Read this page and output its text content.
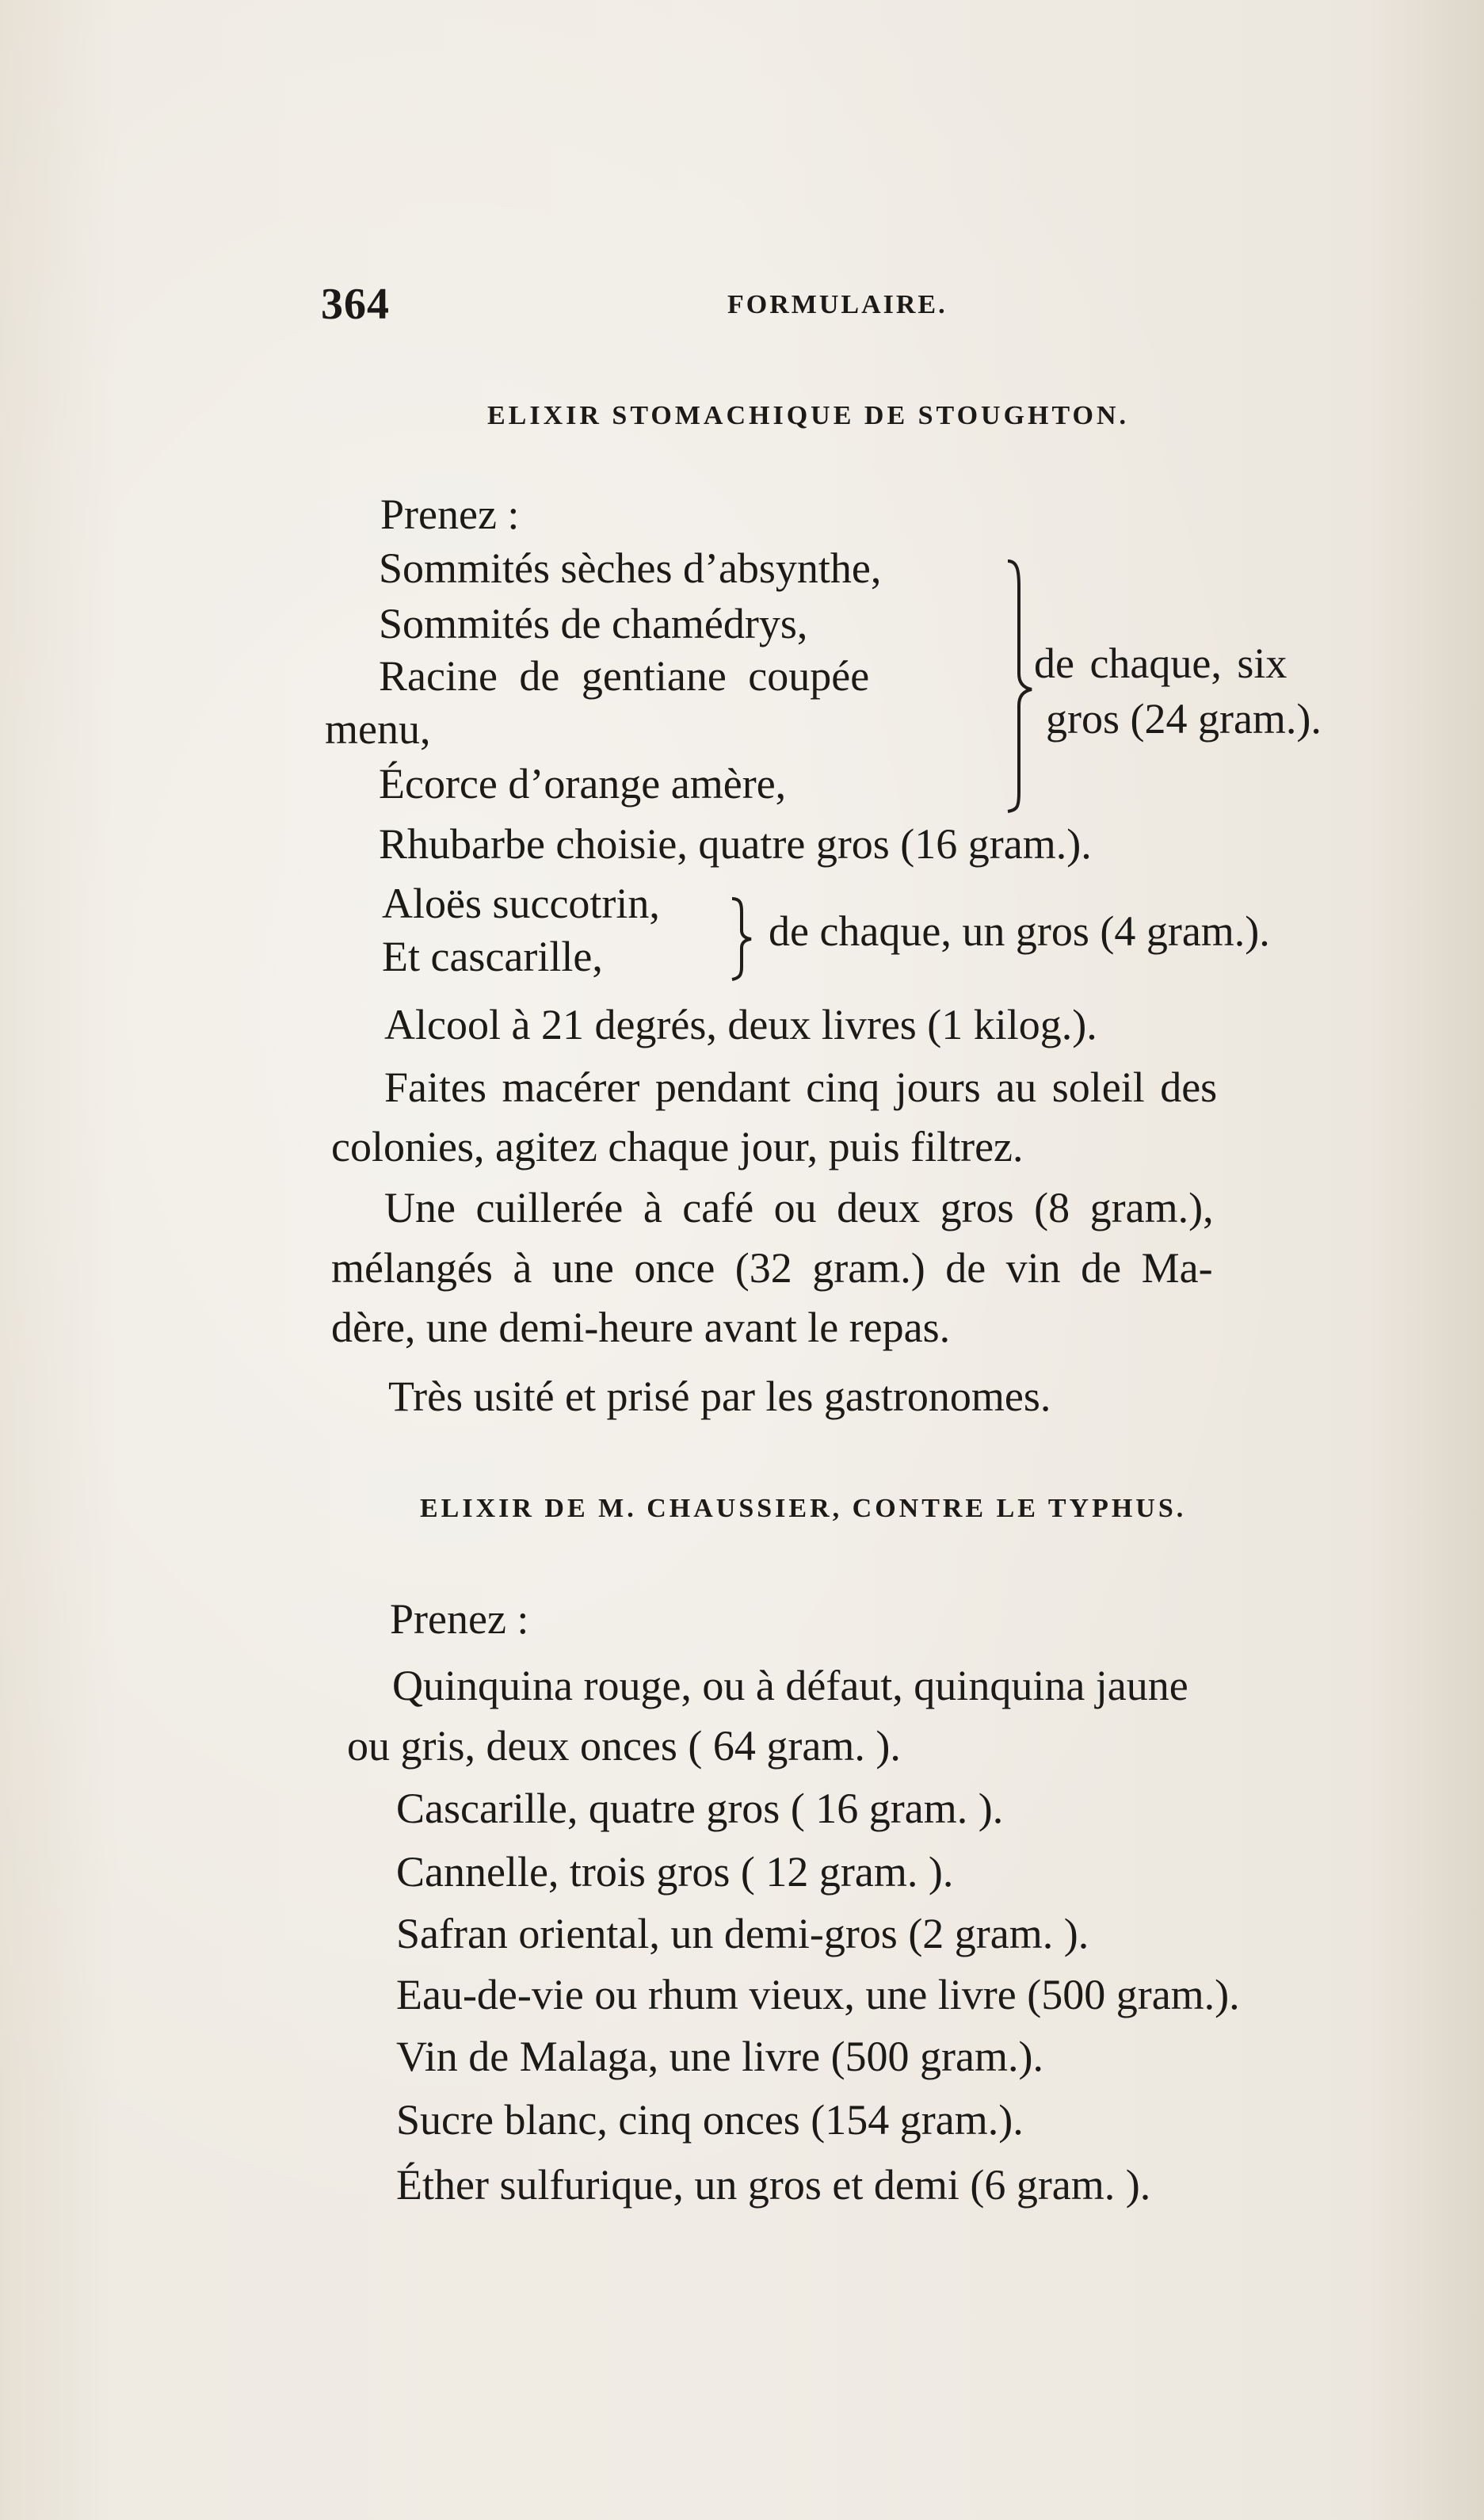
364	FORMULAIRE.
ELIXIR STOMACHIQUE DE STOUGHTON.
Prenez :
Sommités sèches d’absynthe,
Sommités de chamédrys,
Racine de gentiane coupée
menu,
Écorce d’orange amère,
de chaque, six
gros (24 gram.).
Rhubarbe choisie, quatre gros (16 gram.).
Aloës succotrin,
Et cascarille,
de chaque, un gros (4 gram.).
Alcool à 21 degrés, deux livres (1 kilog.).
Faites macérer pendant cinq jours au soleil des
colonies, agitez chaque jour, puis filtrez.
Une cuillerée à café ou deux gros (8 gram.),
mélangés à une once (32 gram.) de vin de Ma-
dère, une demi-heure avant le repas.
Très usité et prisé par les gastronomes.
ELIXIR DE M. CHAUSSIER, CONTRE LE TYPHUS.
Prenez :
Quinquina rouge, ou à défaut, quinquina jaune
ou gris, deux onces ( 64 gram. ).
Cascarille, quatre gros ( 16 gram. ).
Cannelle, trois gros ( 12 gram. ).
Safran oriental, un demi-gros (2 gram. ).
Eau-de-vie ou rhum vieux, une livre (500 gram.).
Vin de Malaga, une livre (500 gram.).
Sucre blanc, cinq onces (154 gram.).
Éther sulfurique, un gros et demi (6 gram. ).
